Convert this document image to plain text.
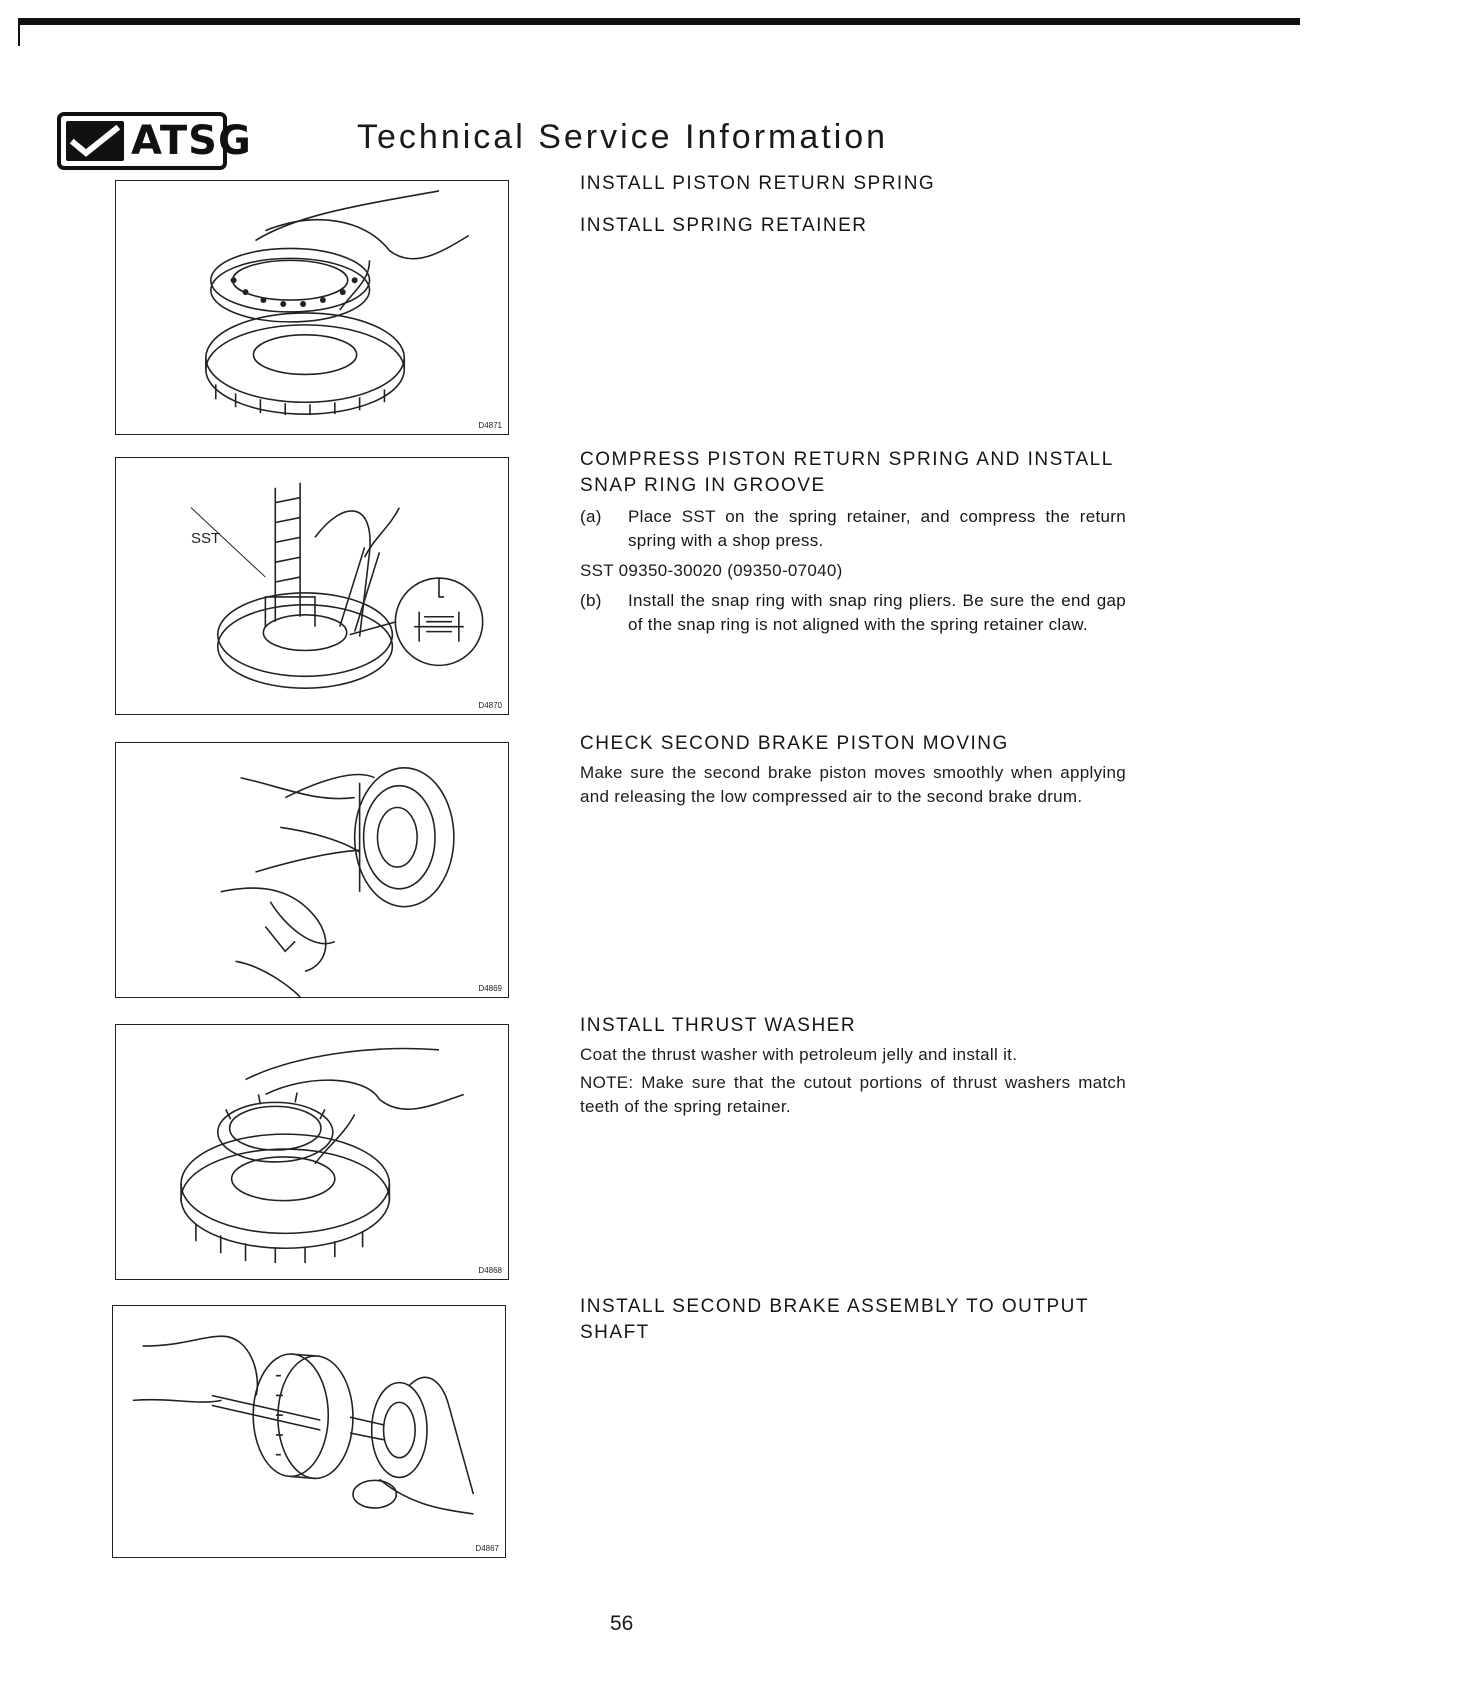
ATSG	Technical Service Information
D4871
SST
D4870
D4869
D4868
D4867
INSTALL PISTON RETURN SPRING
INSTALL SPRING RETAINER
COMPRESS PISTON RETURN SPRING AND INSTALL SNAP RING IN GROOVE
(a)	Place SST on the spring retainer, and compress the return spring with a shop press.

SST 09350-30020 (09350-07040)

(b)	Install the snap ring with snap ring pliers. Be sure the end gap of the snap ring is not aligned with the spring retainer claw.
CHECK SECOND BRAKE PISTON MOVING

Make sure the second brake piston moves smoothly when applying and releasing the low compressed air to the second brake drum.

INSTALL THRUST WASHER

Coat the thrust washer with petroleum jelly and install it.

NOTE: Make sure that the cutout portions of thrust washers match teeth of the spring retainer.

INSTALL SECOND BRAKE ASSEMBLY TO OUTPUT SHAFT
56
